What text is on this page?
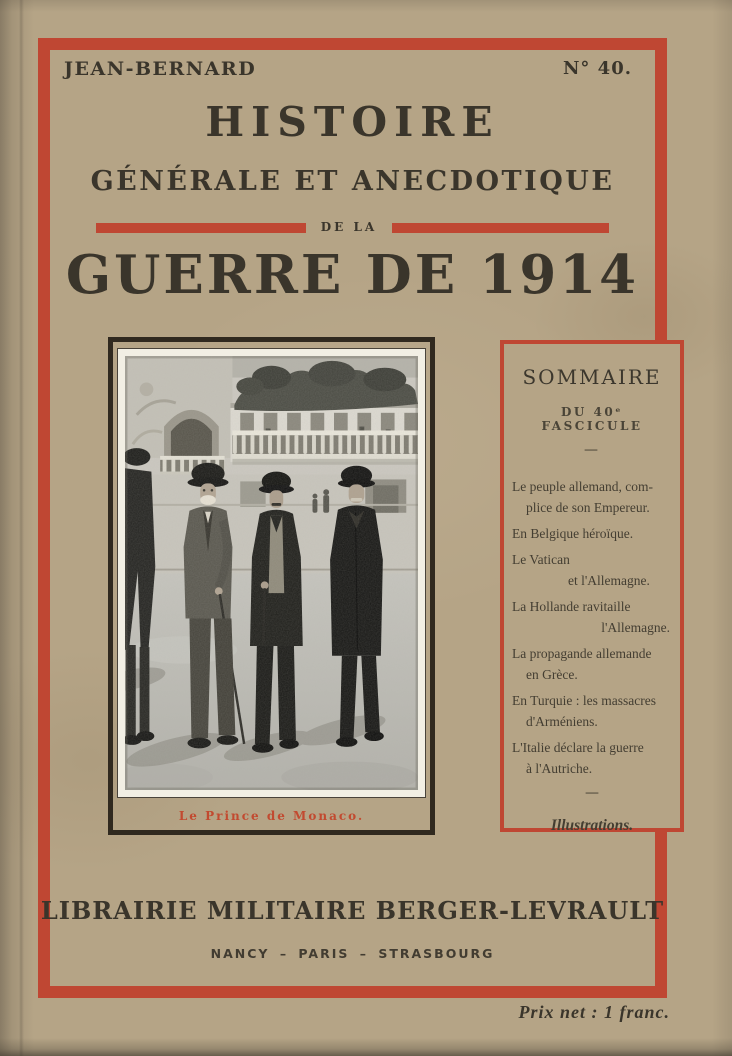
JEAN-BERNARD	N° 40.
HISTOIRE
GÉNÉRALE ET ANECDOTIQUE
DE LA
GUERRE DE 1914
Le Prince de Monaco.
SOMMAIRE
DU 40ᵉ FASCICULE
—
Le peuple allemand, com-
plice de son Empereur.
En Belgique héroïque.
Le Vatican
et l'Allemagne.
La Hollande ravitaille
l'Allemagne.
La propagande allemande
en Grèce.
En Turquie : les massacres
d'Arméniens.
L'Italie déclare la guerre
à l'Autriche.
—
Illustrations.
LIBRAIRIE MILITAIRE BERGER-LEVRAULT
NANCY – PARIS – STRASBOURG
Prix net : 1 franc.
